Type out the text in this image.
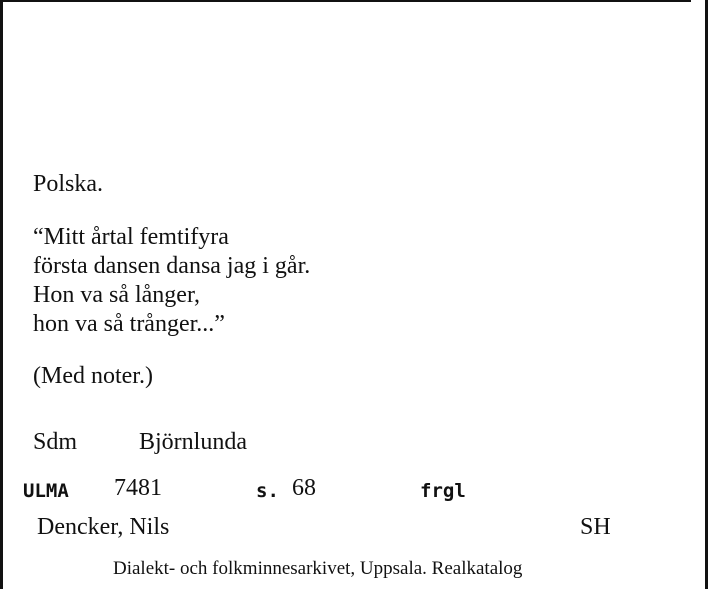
Polska.
“Mitt årtal femtifyra
första dansen dansa jag i går.
Hon va så långer,
hon va så trånger...”
(Med noter.)
Sdm	Björnlunda
ULMA 7481	s. 68	frgl
Dencker, Nils	SH
Dialekt- och folkminnesarkivet, Uppsala. Realkatalog
